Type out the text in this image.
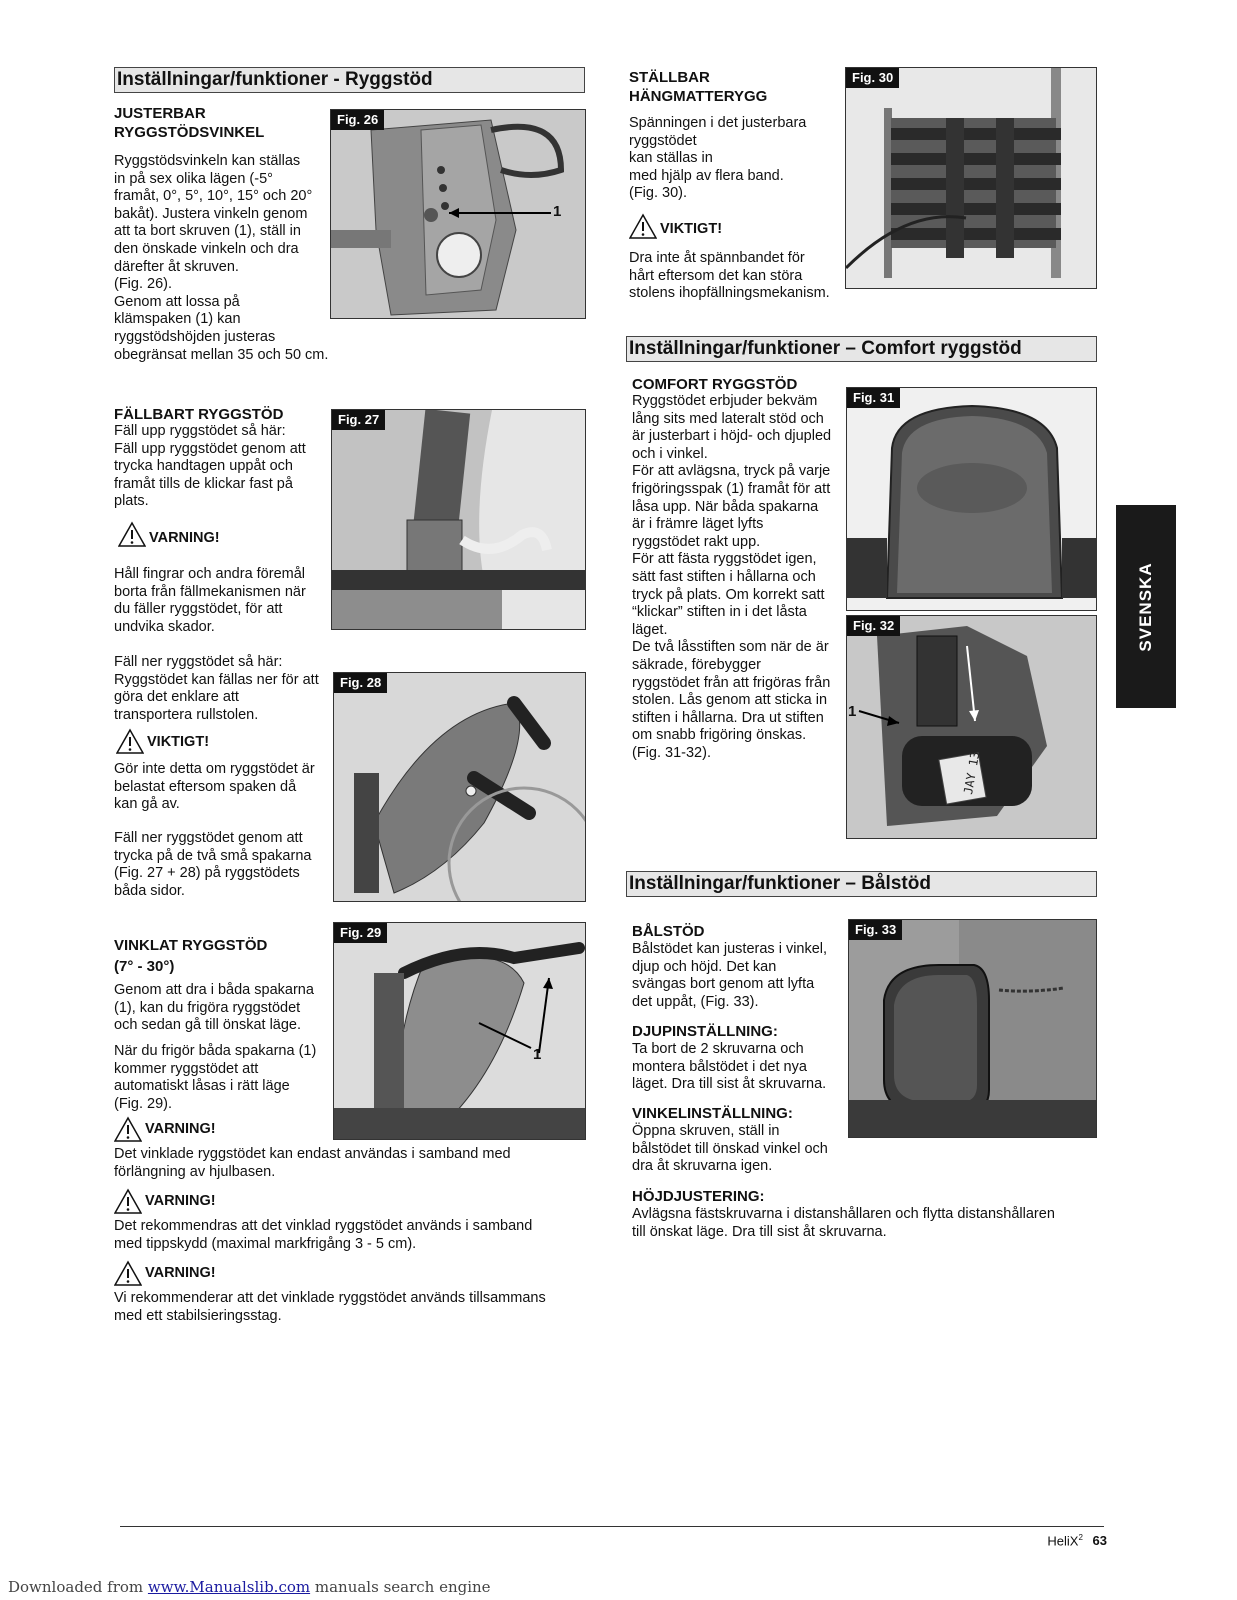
Inställningar/funktioner - Ryggstöd
JUSTERBAR
RYGGSTÖDSVINKEL
Ryggstödsvinkeln kan ställas
in på sex olika lägen (-5°
framåt, 0°, 5°, 10°, 15° och 20°
bakåt). Justera vinkeln genom
att ta bort skruven (1), ställ in
den önskade vinkeln och dra
därefter åt skruven.
(Fig. 26).
Genom att lossa på
klämspaken (1) kan
ryggstödshöjden justeras
obegränsat mellan 35 och 50 cm.
Fig. 26
1
FÄLLBART RYGGSTÖD
Fäll upp ryggstödet så här:
Fäll upp ryggstödet genom att
trycka handtagen uppåt och
framåt tills de klickar fast på
plats.
VARNING!
Håll fingrar och andra föremål
borta från fällmekanismen när
du fäller ryggstödet, för att
undvika skador.
Fäll ner ryggstödet så här:
Ryggstödet kan fällas ner för att
göra det enklare att
transportera rullstolen.
VIKTIGT!
Gör inte detta om ryggstödet är
belastat eftersom spaken då
kan gå av.
Fäll ner ryggstödet genom att
trycka på de två små spakarna
(Fig. 27 + 28) på ryggstödets
båda sidor.
Fig. 27
Fig. 28
VINKLAT RYGGSTÖD
(7° - 30°)
Genom att dra i båda spakarna
(1), kan du frigöra ryggstödet
och sedan gå till önskat läge.
När du frigör båda spakarna (1)
kommer ryggstödet att
automatiskt låsas i rätt läge
(Fig. 29).
Fig. 29
1
VARNING!
Det vinklade ryggstödet kan endast användas i samband med
förlängning av hjulbasen.
VARNING!
Det rekommendras att det vinklad ryggstödet används i samband
med tippskydd (maximal markfrigång 3 - 5 cm).
VARNING!
Vi rekommenderar att det vinklade ryggstödet används tillsammans
med ett stabilsieringsstag.
STÄLLBAR
HÄNGMATTERYGG
Spänningen i det justerbara
ryggstödet
kan ställas in
med hjälp av flera band.
(Fig. 30).
VIKTIGT!
Dra inte åt spännbandet för
hårt eftersom det kan störa
stolens ihopfällningsmekanism.
Fig. 30
Inställningar/funktioner – Comfort ryggstöd
COMFORT RYGGSTÖD
Ryggstödet erbjuder bekväm
lång sits med lateralt stöd och
är justerbart i höjd- och djupled
och i vinkel.
För att avlägsna, tryck på varje
frigöringsspak (1) framåt för att
låsa upp. När båda spakarna
är i främre läget lyfts
ryggstödet rakt upp.
För att fästa ryggstödet igen,
sätt fast stiften i hållarna och
tryck på plats. Om korrekt satt
“klickar” stiften in i det låsta
läget.
De två låsstiften som när de är
säkrade, förebygger
ryggstödet från att frigöras från
stolen. Lås genom att sticka in
stiften i hållarna. Dra ut stiften
om snabb frigöring önskas.
(Fig. 31-32).
Fig. 31
Fig. 32
1
JAY 13
SVENSKA
Inställningar/funktioner – Bålstöd
BÅLSTÖD
Bålstödet kan justeras i vinkel,
djup och höjd. Det kan
svängas bort genom att lyfta
det uppåt, (Fig. 33).
DJUPINSTÄLLNING:
Ta bort de 2 skruvarna och
montera bålstödet i det nya
läget. Dra till sist åt skruvarna.
VINKELINSTÄLLNING:
Öppna skruven, ställ in
bålstödet till önskad vinkel och
dra åt skruvarna igen.
HÖJDJUSTERING:
Avlägsna fästskruvarna i distanshållaren och flytta distanshållaren
till önskat läge. Dra till sist åt skruvarna.
Fig. 33
HeliX$^2$ 63
Downloaded from www.Manualslib.com manuals search engine
